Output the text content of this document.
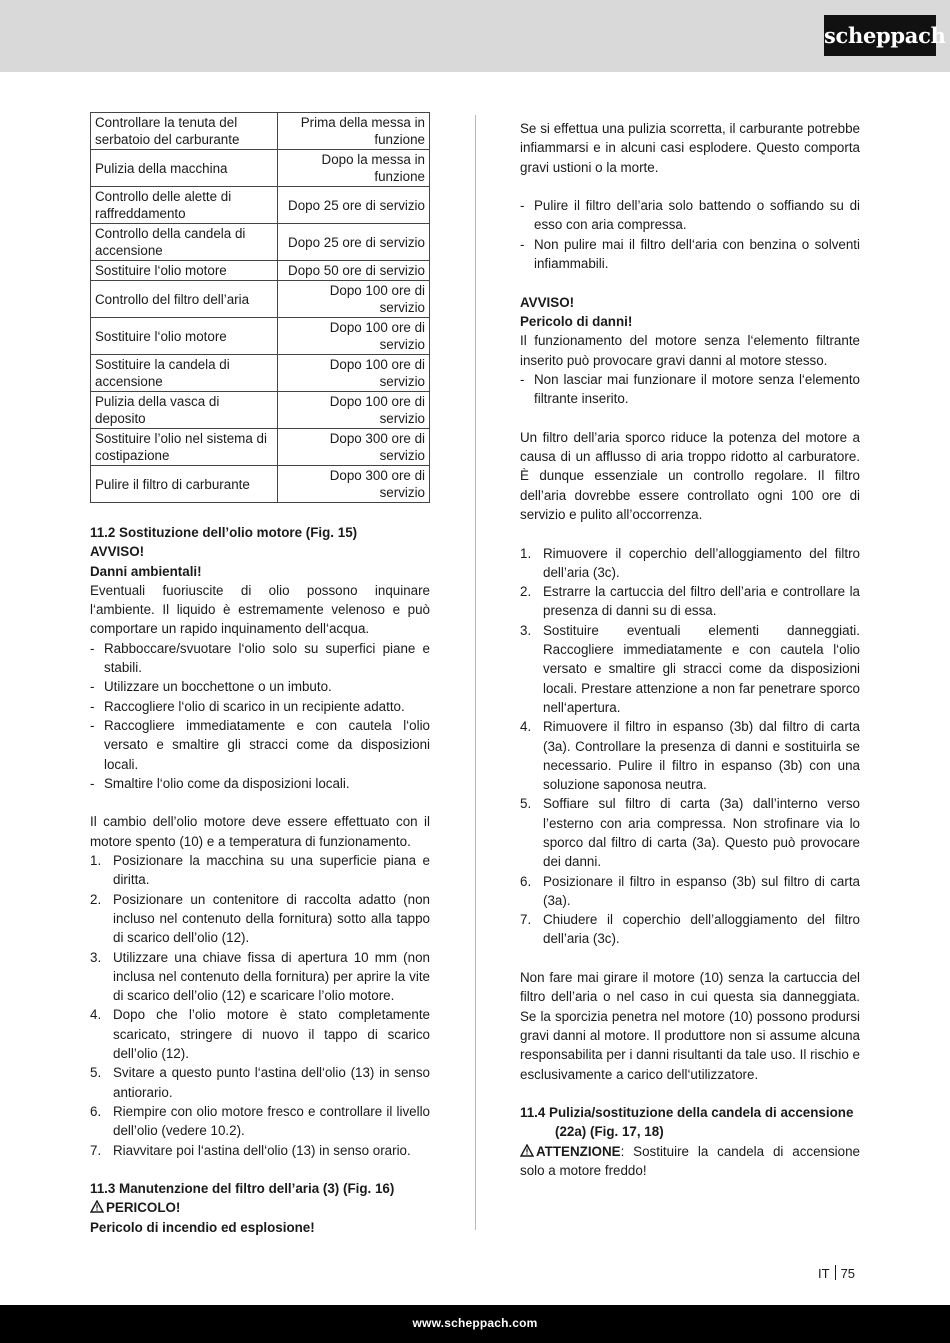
scheppach
Controllare la tenuta del serbatoio del carburante	Prima della messa in funzione
Pulizia della macchina	Dopo la messa in funzione
Controllo delle alette di raffreddamento	Dopo 25 ore di servizio
Controllo della candela di accensione	Dopo 25 ore di servizio
Sostituire l‘olio motore	Dopo 50 ore di servizio
Controllo del filtro dell’aria	Dopo 100 ore di servizio
Sostituire l‘olio motore	Dopo 100 ore di servizio
Sostituire la candela di accensione	Dopo 100 ore di servizio
Pulizia della vasca di deposito	Dopo 100 ore di servizio
Sostituire l’olio nel sistema di costipazione	Dopo 300 ore di servizio
Pulire il filtro di carburante	Dopo 300 ore di servizio
11.2 Sostituzione dell’olio motore (Fig. 15)
AVVISO!
Danni ambientali!

Eventuali fuoriuscite di olio possono inquinare l‘ambiente. Il liquido è estremamente velenoso e può comportare un rapido inquinamento dell‘acqua.

- Rabboccare/svuotare l‘olio solo su superfici piane e stabili.
- Utilizzare un bocchettone o un imbuto.
- Raccogliere l‘olio di scarico in un recipiente adatto.
- Raccogliere immediatamente e con cautela l‘olio versato e smaltire gli stracci come da disposizioni locali.
- Smaltire l‘olio come da disposizioni locali.

Il cambio dell’olio motore deve essere effettuato con il motore spento (10) e a temperatura di funzionamento.

1. Posizionare la macchina su una superficie piana e diritta.
2. Posizionare un contenitore di raccolta adatto (non incluso nel contenuto della fornitura) sotto alla tappo di scarico dell’olio (12).
3. Utilizzare una chiave fissa di apertura 10 mm (non inclusa nel contenuto della fornitura) per aprire la vite di scarico dell’olio (12) e scaricare l’olio motore.
4. Dopo che l’olio motore è stato completamente scaricato, stringere di nuovo il tappo di scarico dell’olio (12).
5. Svitare a questo punto l‘astina dell‘olio (13) in senso antiorario.
6. Riempire con olio motore fresco e controllare il livello dell’olio (vedere 10.2).
7. Riavvitare poi l‘astina dell‘olio (13) in senso orario.
11.3 Manutenzione del filtro dell’aria (3) (Fig. 16)
PERICOLO!
Pericolo di incendio ed esplosione!

Se si effettua una pulizia scorretta, il carburante potrebbe infiammarsi e in alcuni casi esplodere. Questo comporta gravi ustioni o la morte.

- Pulire il filtro dell’aria solo battendo o soffiando su di esso con aria compressa.
- Non pulire mai il filtro dell‘aria con benzina o solventi infiammabili.
AVVISO!
Pericolo di danni!

Il funzionamento del motore senza l‘elemento filtrante inserito può provocare gravi danni al motore stesso.

- Non lasciar mai funzionare il motore senza l‘elemento filtrante inserito.

Un filtro dell’aria sporco riduce la potenza del motore a causa di un afflusso di aria troppo ridotto al carburatore. È dunque essenziale un controllo regolare. Il filtro dell’aria dovrebbe essere controllato ogni 100 ore di servizio e pulito all’occorrenza.

1. Rimuovere il coperchio dell’alloggiamento del filtro dell’aria (3c).
2. Estrarre la cartuccia del filtro dell’aria e controllare la presenza di danni su di essa.
3. Sostituire eventuali elementi danneggiati. Raccogliere immediatamente e con cautela l‘olio versato e smaltire gli stracci come da disposizioni locali. Prestare attenzione a non far penetrare sporco nell‘apertura.
4. Rimuovere il filtro in espanso (3b) dal filtro di carta (3a). Controllare la presenza di danni e sostituirla se necessario. Pulire il filtro in espanso (3b) con una soluzione saponosa neutra.
5. Soffiare sul filtro di carta (3a) dall’interno verso l’esterno con aria compressa. Non strofinare via lo sporco dal filtro di carta (3a). Questo può provocare dei danni.
6. Posizionare il filtro in espanso (3b) sul filtro di carta (3a).
7. Chiudere il coperchio dell’alloggiamento del filtro dell’aria (3c).

Non fare mai girare il motore (10) senza la cartuccia del filtro dell’aria o nel caso in cui questa sia danneggiata. Se la sporcizia penetra nel motore (10) possono prodursi gravi danni al motore. Il produttore non si assume alcuna responsabilita per i danni risultanti da tale uso. Il rischio e esclusivamente a carico dell‘utilizzatore.

11.4 Pulizia/sostituzione della candela di accensione (22a) (Fig. 17, 18)

ATTENZIONE: Sostituire la candela di accensione solo a motore freddo!

IT 75
www.scheppach.com
